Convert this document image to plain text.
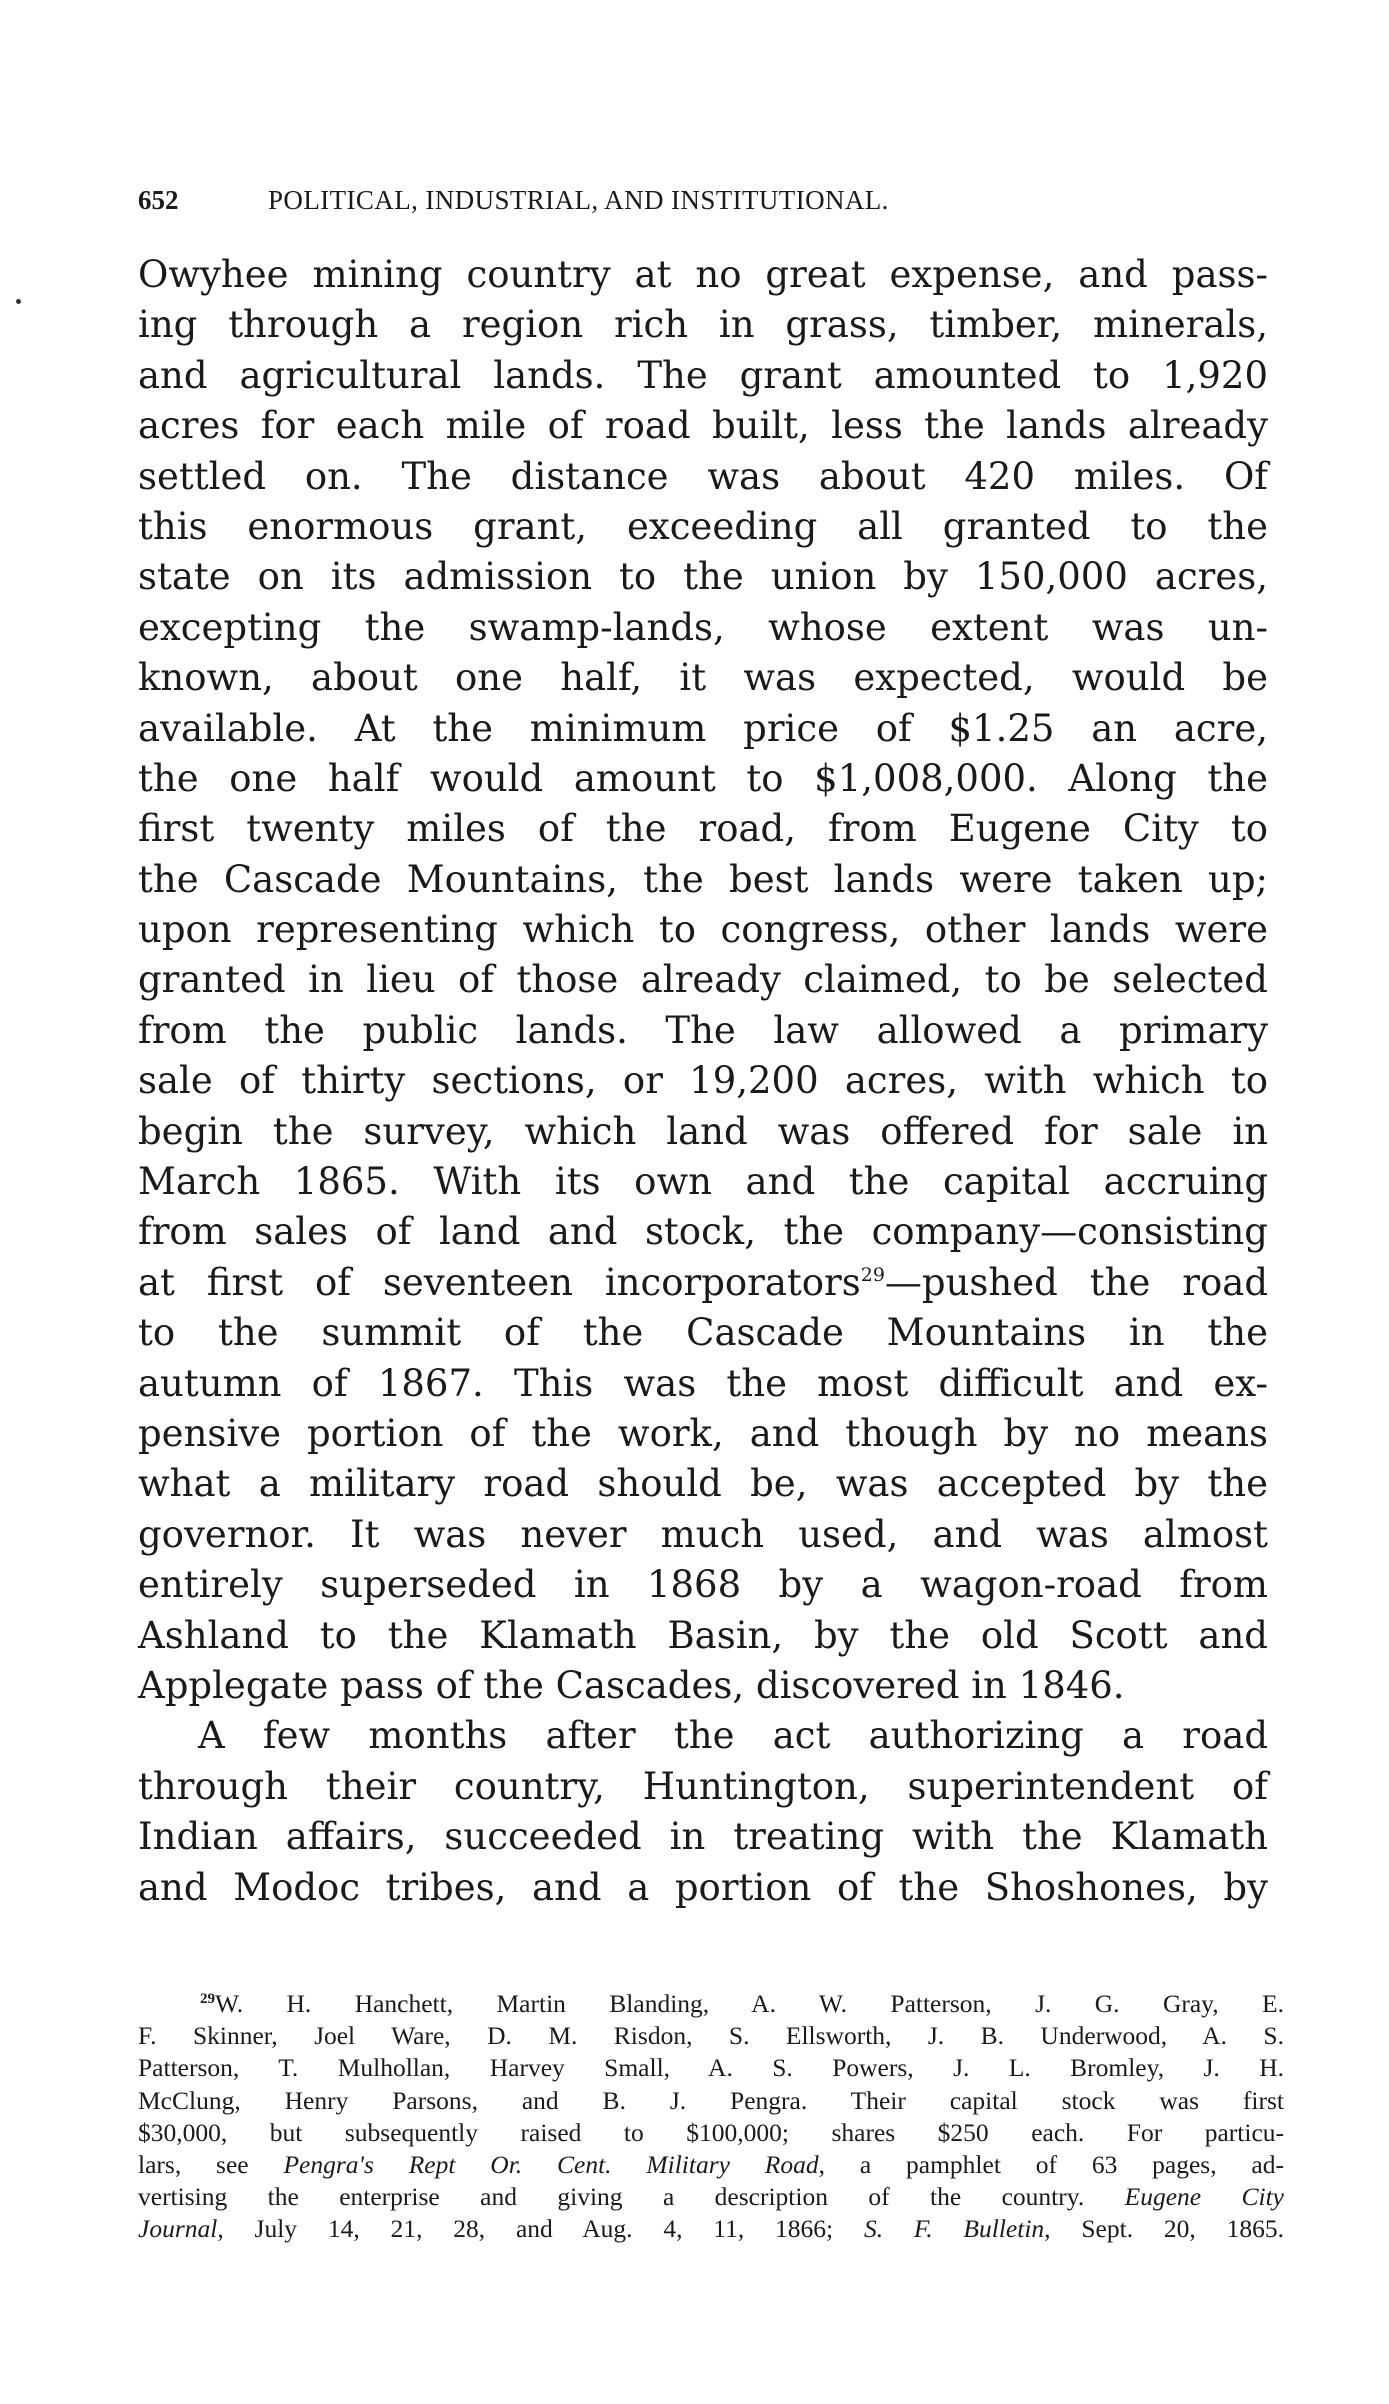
652	POLITICAL, INDUSTRIAL, AND INSTITUTIONAL.
Owyhee mining country at no great expense, and pass-
ing through a region rich in grass, timber, minerals,
and agricultural lands. The grant amounted to 1,920
acres for each mile of road built, less the lands already
settled on. The distance was about 420 miles. Of
this enormous grant, exceeding all granted to the
state on its admission to the union by 150,000 acres,
excepting the swamp-lands, whose extent was un-
known, about one half, it was expected, would be
available. At the minimum price of $1.25 an acre,
the one half would amount to $1,008,000. Along the
first twenty miles of the road, from Eugene City to
the Cascade Mountains, the best lands were taken up;
upon representing which to congress, other lands were
granted in lieu of those already claimed, to be selected
from the public lands. The law allowed a primary
sale of thirty sections, or 19,200 acres, with which to
begin the survey, which land was offered for sale in
March 1865. With its own and the capital accruing
from sales of land and stock, the company—consisting
at first of seventeen incorporators$^{29}$—pushed the road
to the summit of the Cascade Mountains in the
autumn of 1867. This was the most difficult and ex-
pensive portion of the work, and though by no means
what a military road should be, was accepted by the
governor. It was never much used, and was almost
entirely superseded in 1868 by a wagon-road from
Ashland to the Klamath Basin, by the old Scott and
Applegate pass of the Cascades, discovered in 1846.
A few months after the act authorizing a road
through their country, Huntington, superintendent of
Indian affairs, succeeded in treating with the Klamath
and Modoc tribes, and a portion of the Shoshones, by
$^{29}$W. H. Hanchett, Martin Blanding, A. W. Patterson, J. G. Gray, E.
F. Skinner, Joel Ware, D. M. Risdon, S. Ellsworth, J. B. Underwood, A. S.
Patterson, T. Mulhollan, Harvey Small, A. S. Powers, J. L. Bromley, J. H.
McClung, Henry Parsons, and B. J. Pengra. Their capital stock was first
$30,000, but subsequently raised to $100,000; shares $250 each. For particu-
lars, see Pengra's Rept Or. Cent. Military Road, a pamphlet of 63 pages, ad-
vertising the enterprise and giving a description of the country. Eugene City
Journal, July 14, 21, 28, and Aug. 4, 11, 1866; S. F. Bulletin, Sept. 20, 1865.
